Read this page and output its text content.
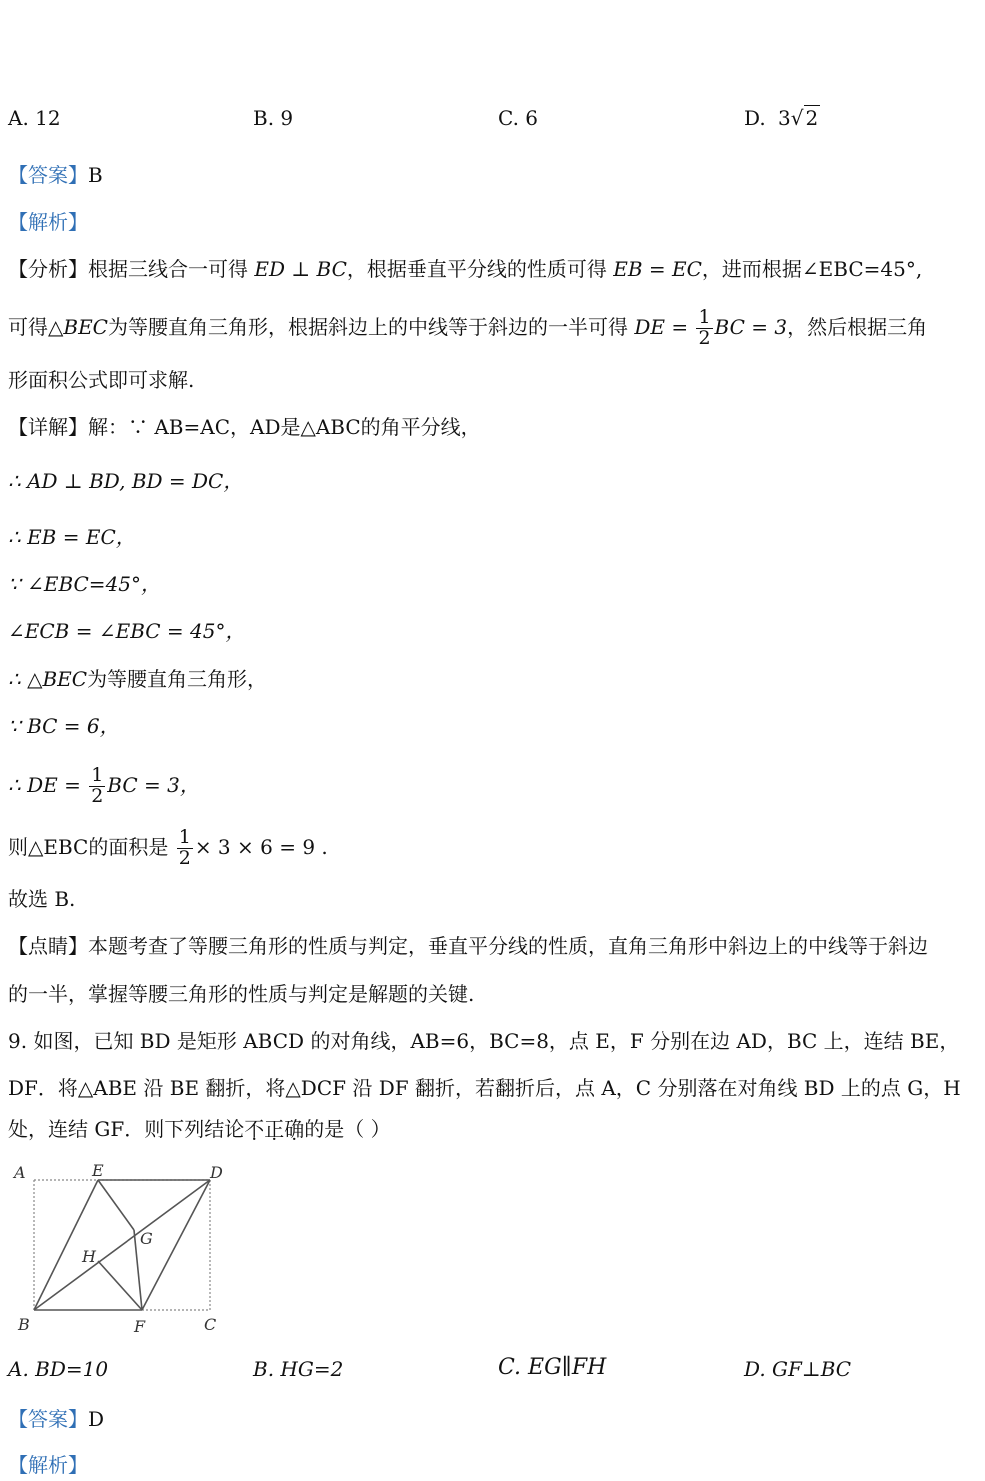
A. 12	B. 9	C. 6	D. 3√ 2
【答案】B
【解析】
【分析】根据三线合一可得 ED ⊥ BC，根据垂直平分线的性质可得 EB = EC，进而根据∠EBC=45°,
可得△BEC为等腰直角三角形，根据斜边上的中线等于斜边的一半可得 DE = $\frac{1}{2}$ BC = 3，然后根据三角
形面积公式即可求解.
【详解】解：∵ AB=AC，AD是△ABC的角平分线，
∴ AD ⊥ BD, BD = DC，
∴ EB = EC，
∵ ∠EBC=45°，
∠ECB = ∠EBC = 45°，
∴ △BEC为等腰直角三角形，
∵ BC = 6，
∴ DE = $\frac{1}{2}$ BC = 3，
则△EBC的面积是 $\frac{1}{2} \times 3 \times 6 = 9$ .
故选 B.
【点睛】本题考查了等腰三角形的性质与判定，垂直平分线的性质，直角三角形中斜边上的中线等于斜边
的一半，掌握等腰三角形的性质与判定是解题的关键.
9. 如图，已知 BD 是矩形 ABCD 的对角线，AB=6，BC=8，点 E，F 分别在边 AD，BC 上，连结 BE，
DF．将△ABE 沿 BE 翻折，将△DCF 沿 DF 翻折，若翻折后，点 A，C 分别落在对角线 BD 上的点 G，H
处，连结 GF．则下列结论不正确的是（ ）
A	E	D
G
H
B	F	C
A. BD=10	B. HG=2	C. EG∥FH	D. GF⊥BC
【答案】D
【解析】
